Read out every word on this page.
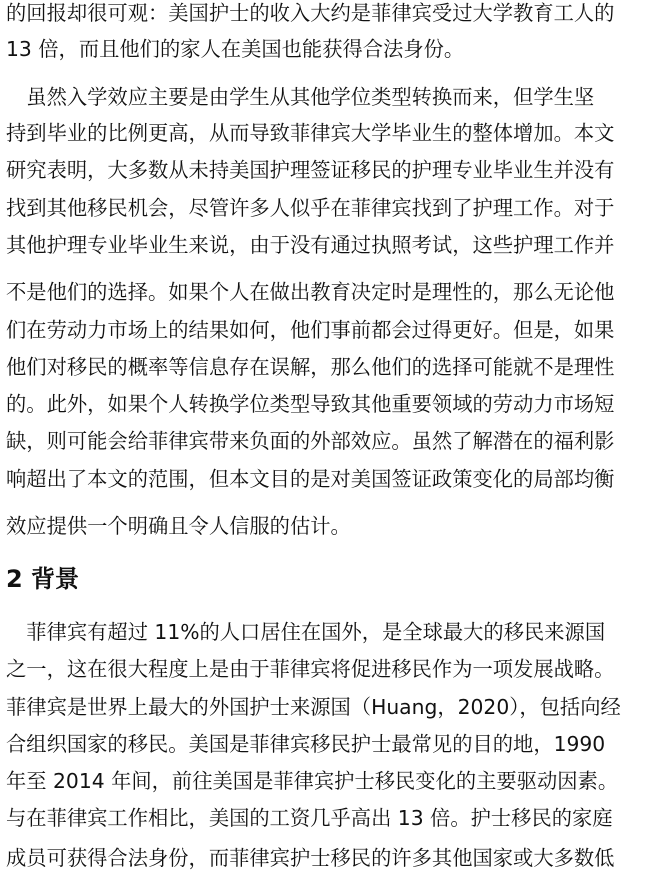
的回报却很可观：美国护士的收入大约是菲律宾受过大学教育工人的
13 倍，而且他们的家人在美国也能获得合法身份。
　虽然入学效应主要是由学生从其他学位类型转换而来，但学生坚
持到毕业的比例更高，从而导致菲律宾大学毕业生的整体增加。本文
研究表明，大多数从未持美国护理签证移民的护理专业毕业生并没有
找到其他移民机会，尽管许多人似乎在菲律宾找到了护理工作。对于
其他护理专业毕业生来说，由于没有通过执照考试，这些护理工作并
不是他们的选择。如果个人在做出教育决定时是理性的，那么无论他
们在劳动力市场上的结果如何，他们事前都会过得更好。但是，如果
他们对移民的概率等信息存在误解，那么他们的选择可能就不是理性
的。此外，如果个人转换学位类型导致其他重要领域的劳动力市场短
缺，则可能会给菲律宾带来负面的外部效应。虽然了解潜在的福利影
响超出了本文的范围，但本文目的是对美国签证政策变化的局部均衡
效应提供一个明确且令人信服的估计。
2 背景
　菲律宾有超过 11%的人口居住在国外，是全球最大的移民来源国
之一，这在很大程度上是由于菲律宾将促进移民作为一项发展战略。
菲律宾是世界上最大的外国护士来源国（Huang，2020），包括向经
合组织国家的移民。美国是菲律宾移民护士最常见的目的地，1990
年至 2014 年间，前往美国是菲律宾护士移民变化的主要驱动因素。
与在菲律宾工作相比，美国的工资几乎高出 13 倍。护士移民的家庭
成员可获得合法身份，而菲律宾护士移民的许多其他国家或大多数低
